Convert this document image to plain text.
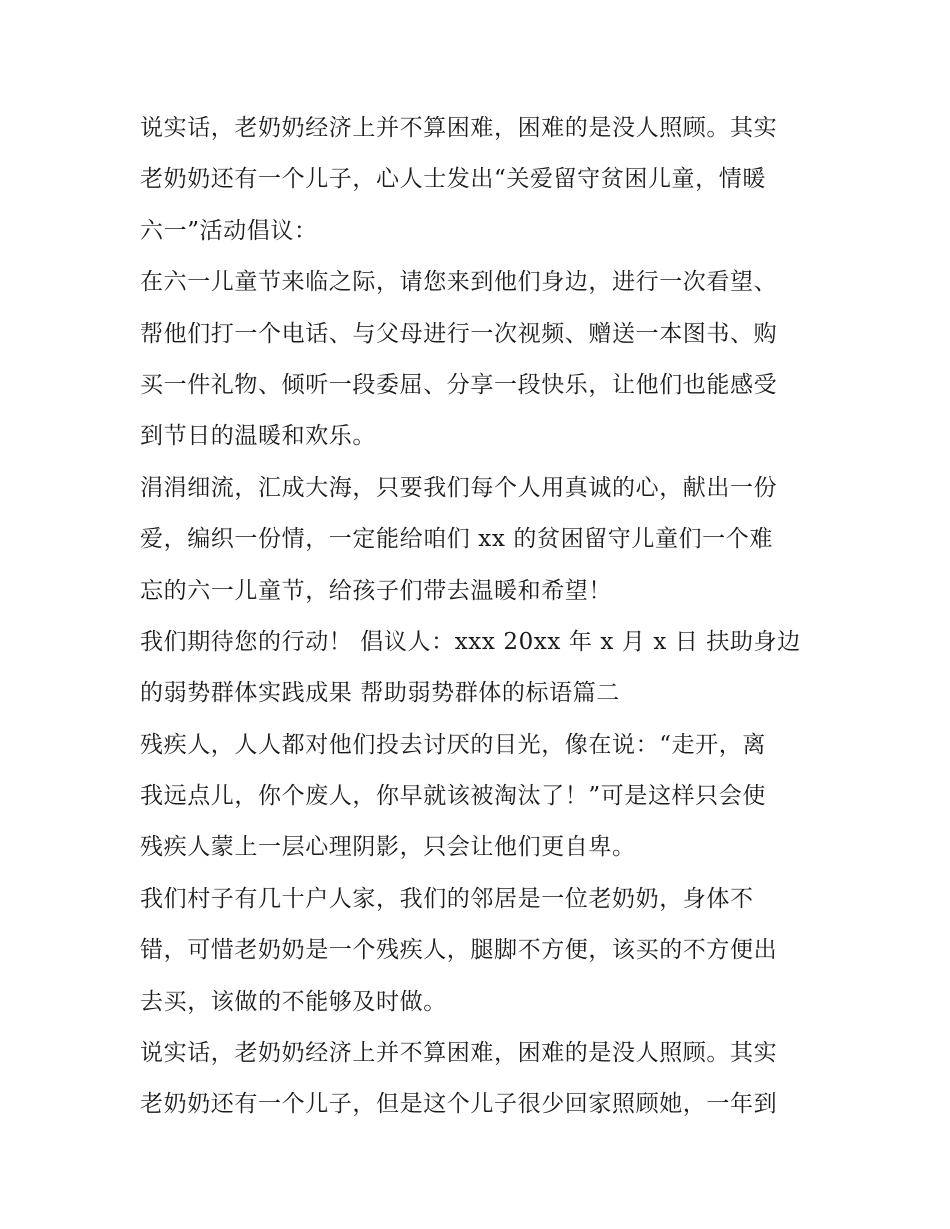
说实话，老奶奶经济上并不算困难，困难的是没人照顾。其实
老奶奶还有一个儿子，心人士发出“关爱留守贫困儿童，情暖
六一”活动倡议：
在六一儿童节来临之际，请您来到他们身边，进行一次看望、
帮他们打一个电话、与父母进行一次视频、赠送一本图书、购
买一件礼物、倾听一段委屈、分享一段快乐，让他们也能感受
到节日的温暖和欢乐。
涓涓细流，汇成大海，只要我们每个人用真诚的心，献出一份
爱，编织一份情，一定能给咱们 xx 的贫困留守儿童们一个难
忘的六一儿童节，给孩子们带去温暖和希望！
我们期待您的行动！ 倡议人：xxx 20xx 年 x 月 x 日 扶助身边
的弱势群体实践成果 帮助弱势群体的标语篇二
残疾人，人人都对他们投去讨厌的目光，像在说：“走开，离
我远点儿，你个废人，你早就该被淘汰了！”可是这样只会使
残疾人蒙上一层心理阴影，只会让他们更自卑。
我们村子有几十户人家，我们的邻居是一位老奶奶，身体不
错，可惜老奶奶是一个残疾人，腿脚不方便，该买的不方便出
去买，该做的不能够及时做。
说实话，老奶奶经济上并不算困难，困难的是没人照顾。其实
老奶奶还有一个儿子，但是这个儿子很少回家照顾她，一年到
